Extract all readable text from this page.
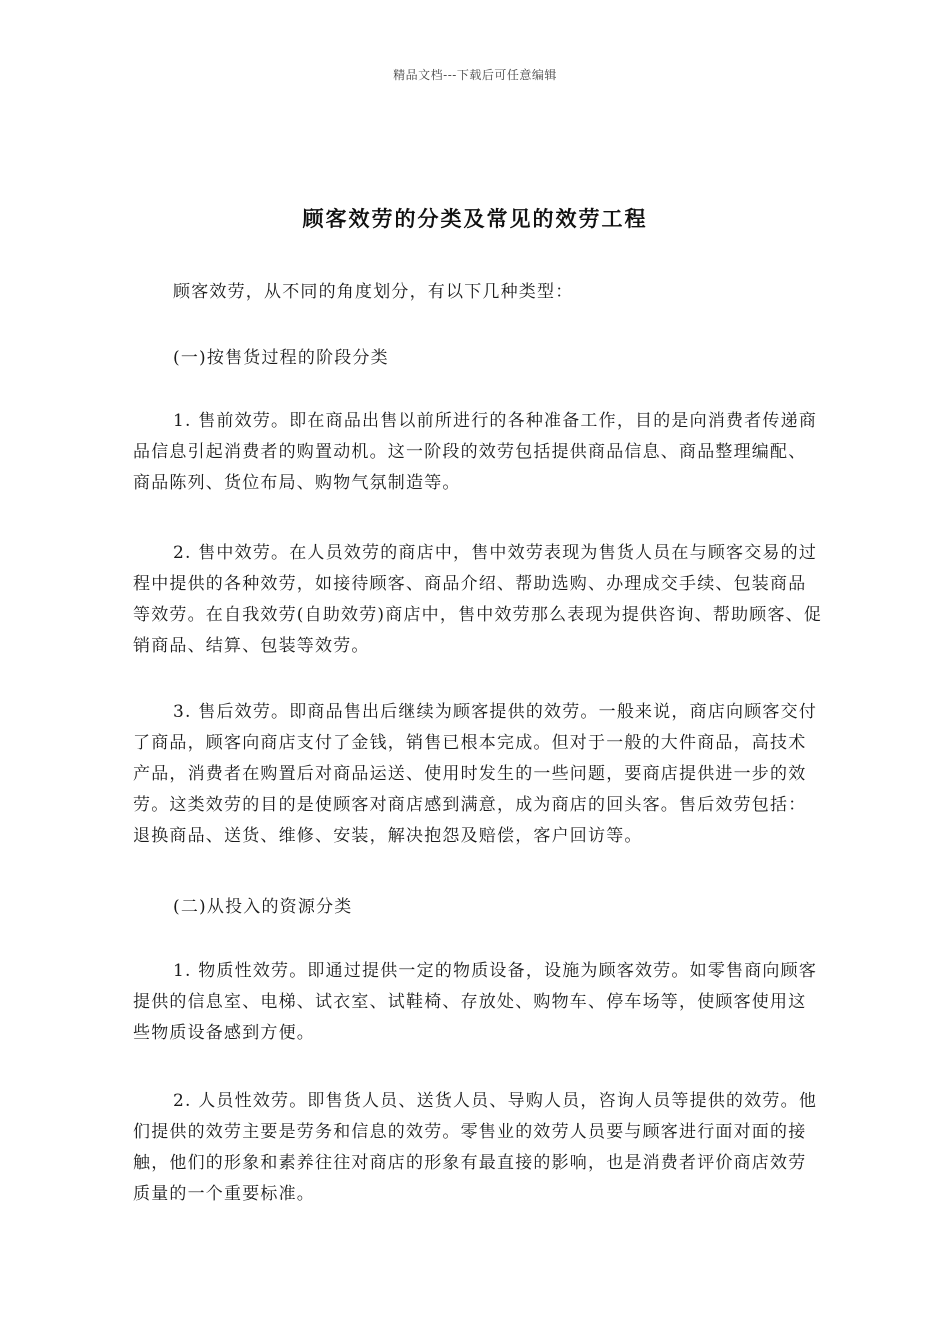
精品文档---下载后可任意编辑
顾客效劳的分类及常见的效劳工程

顾客效劳，从不同的角度划分，有以下几种类型：

(一)按售货过程的阶段分类

1. 售前效劳。即在商品出售以前所进行的各种准备工作，目的是向消费者传递商品信息引起消费者的购置动机。这一阶段的效劳包括提供商品信息、商品整理编配、商品陈列、货位布局、购物气氛制造等。

2. 售中效劳。在人员效劳的商店中，售中效劳表现为售货人员在与顾客交易的过程中提供的各种效劳，如接待顾客、商品介绍、帮助选购、办理成交手续、包装商品等效劳。在自我效劳(自助效劳)商店中，售中效劳那么表现为提供咨询、帮助顾客、促销商品、结算、包装等效劳。

3. 售后效劳。即商品售出后继续为顾客提供的效劳。一般来说，商店向顾客交付了商品，顾客向商店支付了金钱，销售已根本完成。但对于一般的大件商品，高技术产品，消费者在购置后对商品运送、使用时发生的一些问题，要商店提供进一步的效劳。这类效劳的目的是使顾客对商店感到满意，成为商店的回头客。售后效劳包括：退换商品、送货、维修、安装，解决抱怨及赔偿，客户回访等。

(二)从投入的资源分类

1. 物质性效劳。即通过提供一定的物质设备，设施为顾客效劳。如零售商向顾客提供的信息室、电梯、试衣室、试鞋椅、存放处、购物车、停车场等，使顾客使用这些物质设备感到方便。

2. 人员性效劳。即售货人员、送货人员、导购人员，咨询人员等提供的效劳。他们提供的效劳主要是劳务和信息的效劳。零售业的效劳人员要与顾客进行面对面的接触，他们的形象和素养往往对商店的形象有最直接的影响，也是消费者评价商店效劳质量的一个重要标准。
